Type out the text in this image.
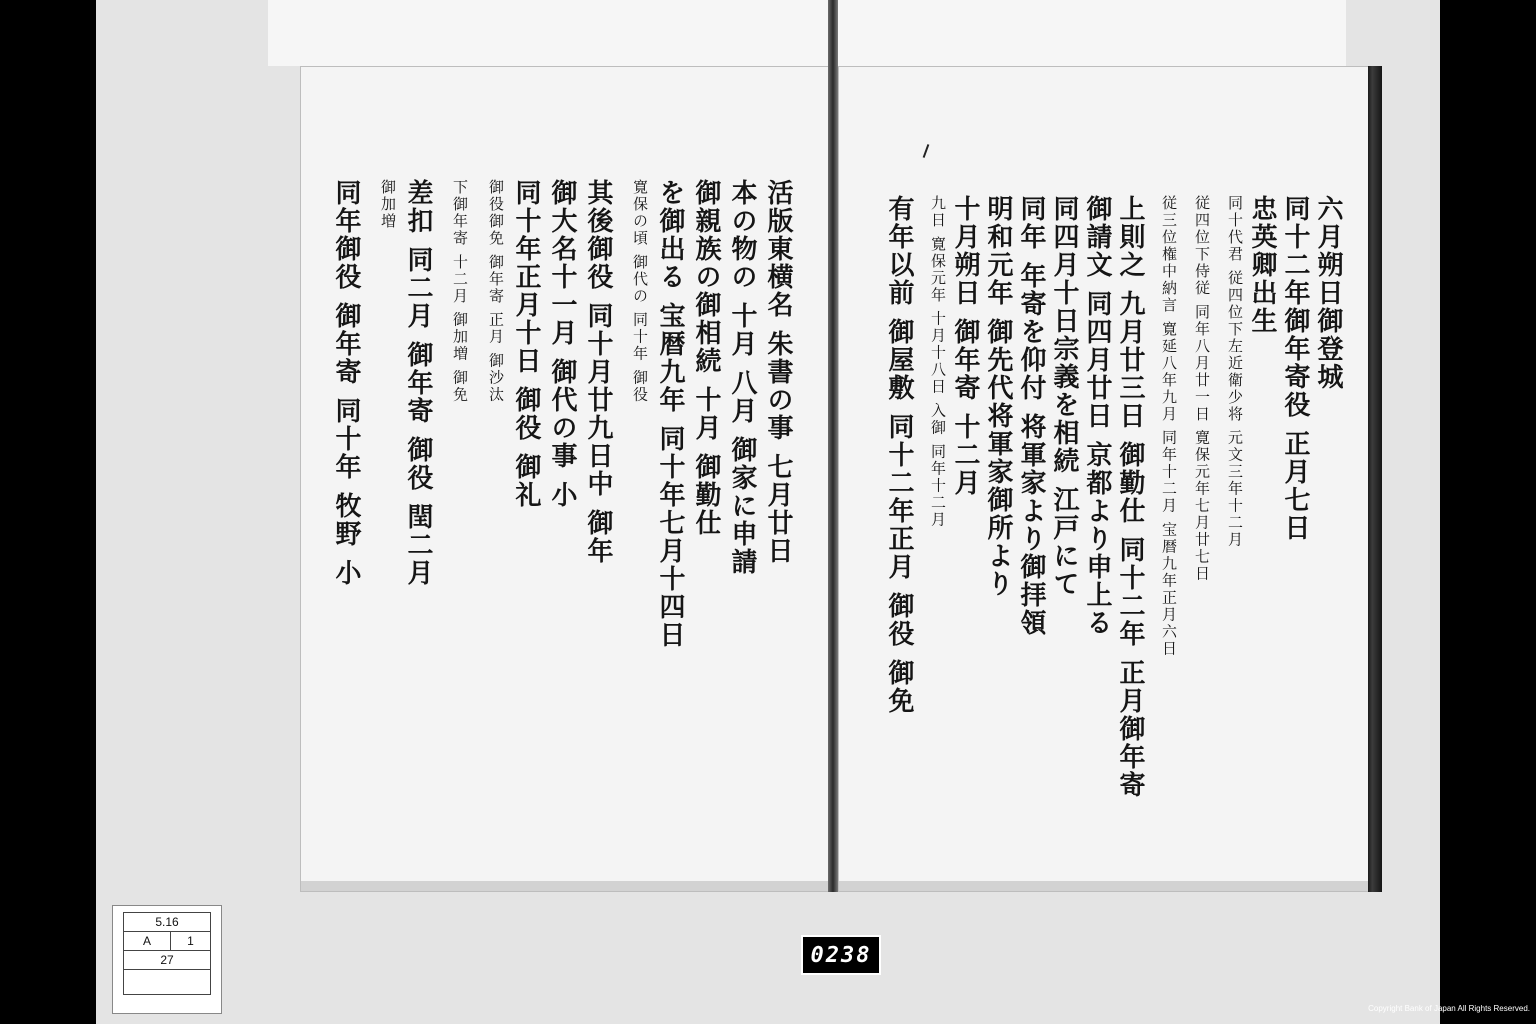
活版東横名 朱書の事 七月廿日
本の物の 十月 八月 御家に申請
御親族の御相続 十月 御勤仕
を御出る 宝暦九年 同十年七月十四日
寛保の頃 御代の 同十年 御役
其後御役 同十月廿九日中 御年
御大名十一月 御代の事 小
同十年正月十日 御役 御礼
御役御免 御年寄 正月 御沙汰
下御年寄 十二月 御加増 御免
差扣 同二月 御年寄 御役 閏二月
御加増
同年御役 御年寄 同十年 牧野 小	六月朔日御登城
同十二年御年寄役 正月七日
忠英卿出生
同十代君 従四位下左近衛少将 元文三年十二月
従四位下侍従 同年八月廿一日 寛保元年七月廿七日
従三位権中納言 寛延八年九月 同年十二月 宝暦九年正月六日
上則之 九月廿三日 御勤仕 同十二年 正月御年寄
御請文 同四月廿日 京都より申上る
同四月十日宗義を相続 江戸にて
同年 年寄を仰付 将軍家より御拝領
明和元年 御先代将軍家御所より
十月朔日 御年寄 十二月
九日 寛保元年 十月十八日 入御 同年十二月
有年以前 御屋敷 同十二年正月 御役 御免
5.16
A	1
27	0238
Copyright Bank of Japan All Rights Reserved.
